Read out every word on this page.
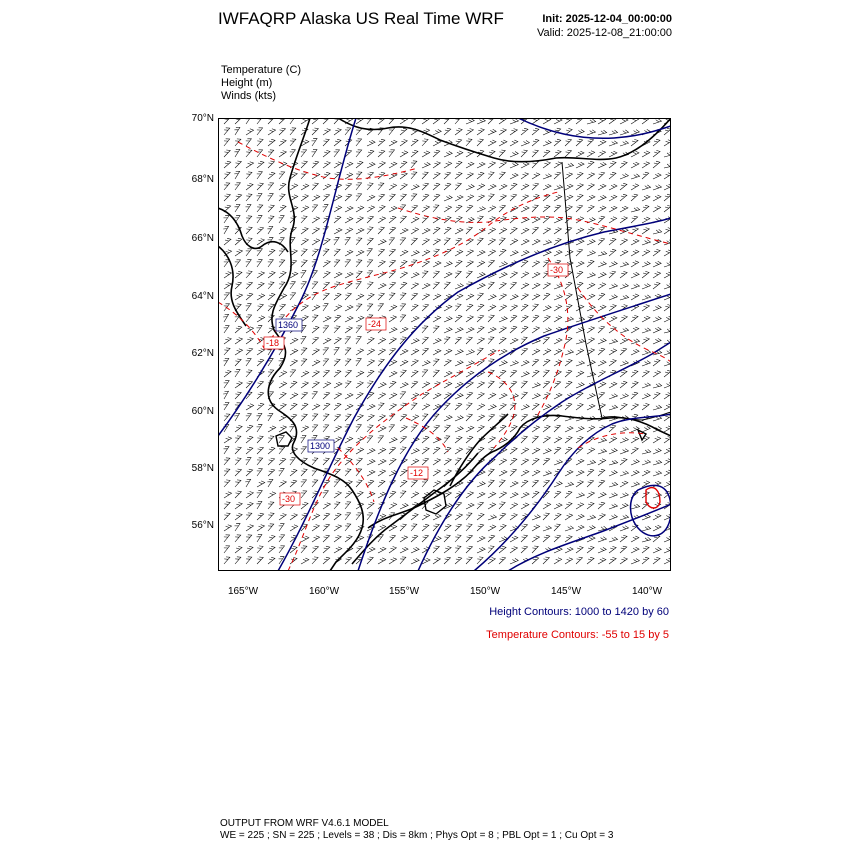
IWFAQRP Alaska US Real Time WRF	Init: 2025-12-04_00:00:00
Valid: 2025-12-08_21:00:00
Temperature (C)
Height (m)
Winds (kts)
70°N
68°N
66°N
64°N
62°N
60°N
58°N
56°N
165°W	160°W	155°W	150°W	145°W	140°W
1360
1300
-30
-24
-18
-30
-12
Height Contours: 1000 to 1420 by 60
Temperature Contours: -55 to 15 by 5
OUTPUT FROM WRF V4.6.1 MODEL
WE = 225 ; SN = 225 ; Levels = 38 ; Dis = 8km ; Phys Opt = 8 ; PBL Opt = 1 ; Cu Opt = 3
